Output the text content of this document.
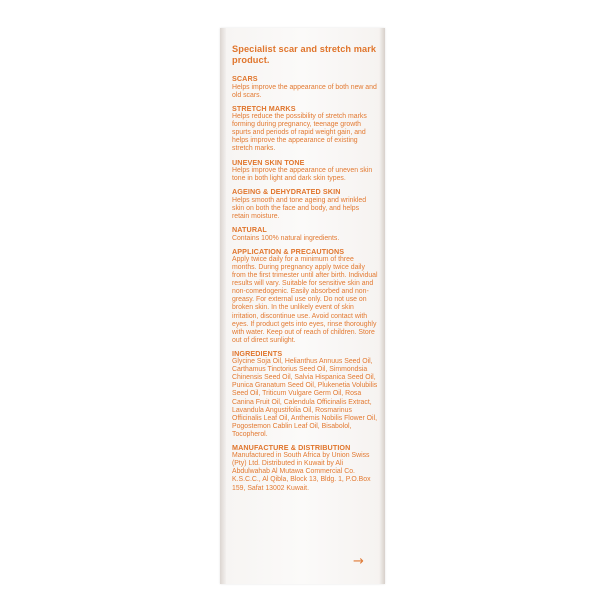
Specialist scar and stretch mark product.
SCARS
Helps improve the appearance of both new and old scars.
STRETCH MARKS
Helps reduce the possibility of stretch marks forming during pregnancy, teenage growth spurts and periods of rapid weight gain, and helps improve the appearance of existing stretch marks.
UNEVEN SKIN TONE
Helps improve the appearance of uneven skin tone in both light and dark skin types.
AGEING & DEHYDRATED SKIN
Helps smooth and tone ageing and wrinkled skin on both the face and body, and helps retain moisture.
NATURAL
Contains 100% natural ingredients.
APPLICATION & PRECAUTIONS
Apply twice daily for a minimum of three months. During pregnancy apply twice daily from the first trimester until after birth. Individual results will vary. Suitable for sensitive skin and non-comedogenic. Easily absorbed and non-greasy. For external use only. Do not use on broken skin. In the unlikely event of skin irritation, discontinue use. Avoid contact with eyes. If product gets into eyes, rinse thoroughly with water. Keep out of reach of children. Store out of direct sunlight.
INGREDIENTS
Glycine Soja Oil, Helianthus Annuus Seed Oil, Carthamus Tinctorius Seed Oil, Simmondsia Chinensis Seed Oil, Salvia Hispanica Seed Oil, Punica Granatum Seed Oil, Plukenetia Volubilis Seed Oil, Triticum Vulgare Germ Oil, Rosa Canina Fruit Oil, Calendula Officinalis Extract, Lavandula Angustifolia Oil, Rosmarinus Officinalis Leaf Oil, Anthemis Nobilis Flower Oil, Pogostemon Cablin Leaf Oil, Bisabolol, Tocopherol.
MANUFACTURE & DISTRIBUTION
Manufactured in South Africa by Union Swiss (Pty) Ltd. Distributed in Kuwait by Ali Abdulwahab Al Mutawa Commercial Co. K.S.C.C., Al Qibla, Block 13, Bldg. 1, P.O.Box 159, Safat 13002 Kuwait.
→
